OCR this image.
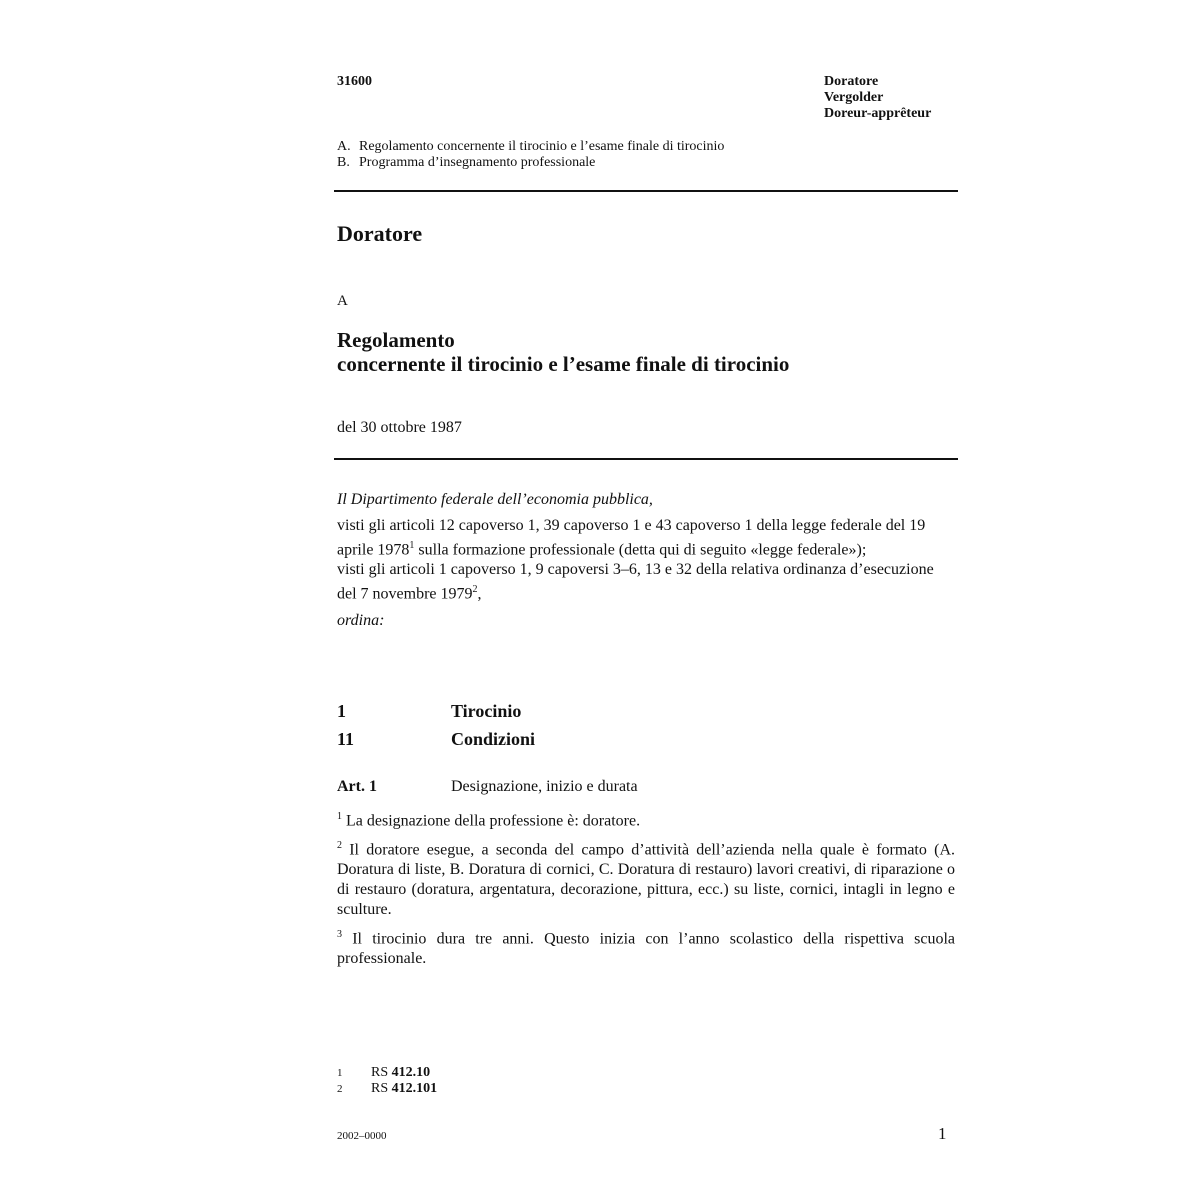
31600	Doratore
Vergolder
Doreur-apprêteur
A. Regolamento concernente il tirocinio e l’esame finale di tirocinio
B. Programma d’insegnamento professionale
Doratore
A
Regolamento
concernente il tirocinio e l’esame finale di tirocinio
del 30 ottobre 1987
Il Dipartimento federale dell’economia pubblica,
visti gli articoli 12 capoverso 1, 39 capoverso 1 e 43 capoverso 1 della legge federale del 19 aprile 1978$^1$ sulla formazione professionale (detta qui di seguito «legge federale»);
visti gli articoli 1 capoverso 1, 9 capoversi 3–6, 13 e 32 della relativa ordinanza d’esecuzione del 7 novembre 1979$^2$,
ordina:
1	Tirocinio
11	Condizioni
Art. 1	Designazione, inizio e durata
$^1$ La designazione della professione è: doratore.
$^2$ Il doratore esegue, a seconda del campo d’attività dell’azienda nella quale è formato (A. Doratura di liste, B. Doratura di cornici, C. Doratura di restauro) lavori creativi, di riparazione o di restauro (doratura, argentatura, decorazione, pittura, ecc.) su liste, cornici, intagli in legno e sculture.
$^3$ Il tirocinio dura tre anni. Questo inizia con l’anno scolastico della rispettiva scuola professionale.
1 RS 412.10
2 RS 412.101
2002–0000	1
